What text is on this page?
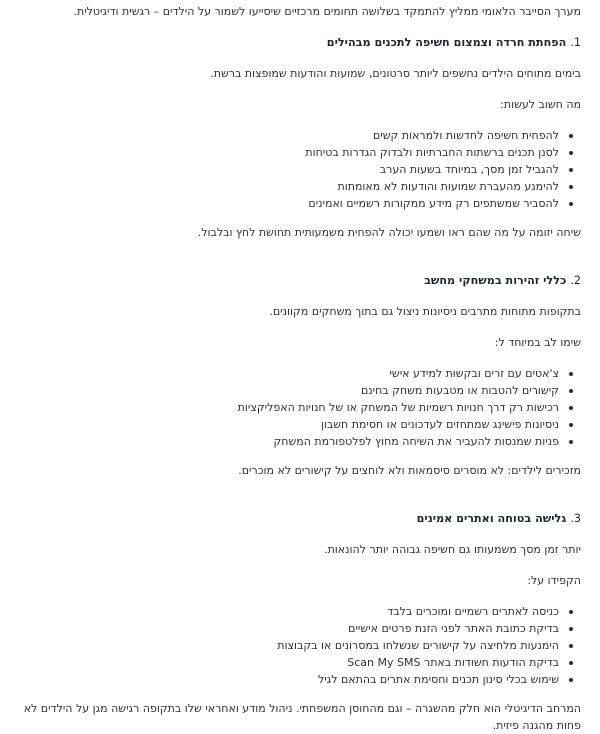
מערך הסייבר הלאומי ממליץ להתמקד בשלושה תחומים מרכזיים שיסייעו לשמור על הילדים – רגשית ודיגיטלית.

1.הפחתת חרדה וצמצום חשיפה לתכנים מבהילים

בימים מתוחים הילדים נחשפים ליותר סרטונים, שמועות והודעות שמופצות ברשת.

מה חשוב לעשות:

להפחית חשיפה לחדשות ולמראות קשים
לסנן תכנים ברשתות החברתיות ולבדוק הגדרות בטיחות
להגביל זמן מסך, במיוחד בשעות הערב
להימנע מהעברת שמועות והודעות לא מאומתות
להסביר שמשתפים רק מידע ממקורות רשמיים ואמינים

שיחה יזומה על מה שהם ראו ושמעו יכולה להפחית משמעותית תחושת לחץ ובלבול.

2.כללי זהירות במשחקי מחשב

בתקופות מתוחות מתרבים ניסיונות ניצול גם בתוך משחקים מקוונים.

שימו לב במיוחד ל:

צ'אטים עם זרים ובקשות למידע אישי
קישורים להטבות או מטבעות משחק בחינם
רכישות רק דרך חנויות רשמיות של המשחק או של חנויות האפליקציות
ניסיונות פישינג שמתחזים לעדכונים או חסימת חשבון
פניות שמנסות להעביר את השיחה מחוץ לפלטפורמת המשחק

מזכירים לילדים: לא מוסרים סיסמאות ולא לוחצים על קישורים לא מוכרים.

3.גלישה בטוחה ואתרים אמינים

יותר זמן מסך משמעותו גם חשיפה גבוהה יותר להונאות.

הקפידו על:

כניסה לאתרים רשמיים ומוכרים בלבד
בדיקת כתובת האתר לפני הזנת פרטים אישיים
הימנעות מלחיצה על קישורים שנשלחו במסרונים או בקבוצות
בדיקת הודעות חשודות באתר Scan My SMS
שימוש בכלי סינון תכנים וחסימת אתרים בהתאם לגיל

המרחב הדיגיטלי הוא חלק מהשגרה – וגם מהחוסן המשפחתי. ניהול מודע ואחראי שלו בתקופה רגישה מגן על הילדים לא פחות מהגנה פיזית.
